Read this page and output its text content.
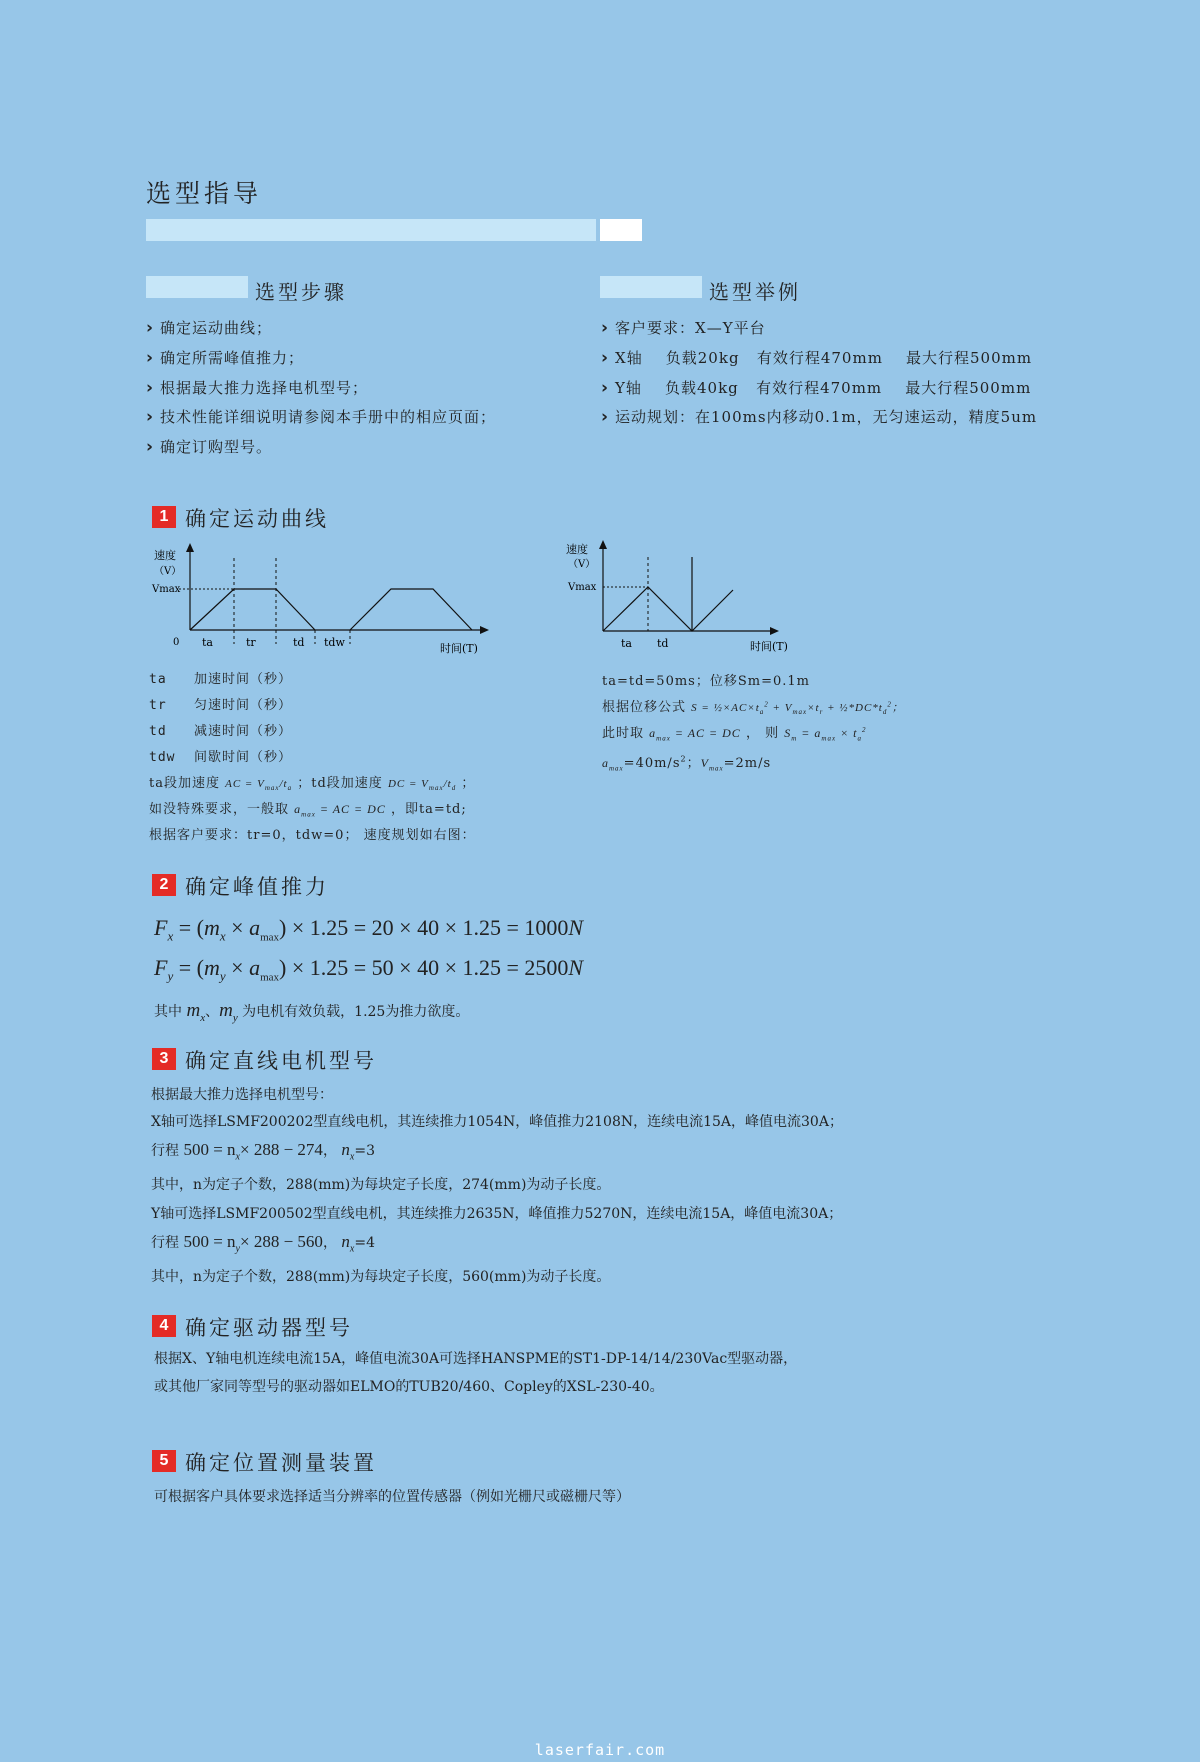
选型指导
选型步骤
› 确定运动曲线；
› 确定所需峰值推力；
› 根据最大推力选择电机型号；
› 技术性能详细说明请参阅本手册中的相应页面；
› 确定订购型号。
选型举例
› 客户要求：X—Y平台
› X轴    负载20kg   有效行程470mm    最大行程500mm
› Y轴    负载40kg   有效行程470mm    最大行程500mm
› 运动规划：在100ms内移动0.1m，无匀速运动，精度5um
1 确定运动曲线
速度
（V）
Vmax
0 ta	tr	td tdw	时间(T)
速度
（V）
Vmax
ta td	时间(T)
ta 加速时间（秒）
tr 匀速时间（秒）
td 减速时间（秒）
tdw 间歇时间（秒）
ta段加速度 AC = $V_{max}/t_a$ ；td段加速度 DC = $V_{max}/t_d$ ；
如没特殊要求，一般取 $a_{max}$ = AC = DC ，即ta=td;
根据客户要求：tr=0，tdw=0； 速度规划如右图：
ta=td=50ms；位移Sm=0.1m
根据位移公式 $S = \frac{1}{2}\times AC\times t_a^2 + V_{max}\times t_r$ + $\frac{1}{2}*DC*t_d^2$；
此时取 $a_{max}$ = AC = DC ， 则 $S_m = a_{max} \times t_a^2$
$a_{max}=40m/s^2$；$V_{max}=2m/s$
2 确定峰值推力
$F_x = (m_x \times a_{max}) \times 1.25 = 20 \times 40 \times 1.25 = 1000N$
$F_y = (m_y \times a_{max}) \times 1.25 = 50 \times 40 \times 1.25 = 2500N$
其中 $m_x$、$m_y$ 为电机有效负载，1.25为推力欲度。
3 确定直线电机型号
根据最大推力选择电机型号：
X轴可选择LSMF200202型直线电机，其连续推力1054N，峰值推力2108N，连续电流15A，峰值电流30A；
行程 $500 = n_x\times 288 - 274$， $n_x=3$
其中，n为定子个数，288(mm)为每块定子长度，274(mm)为动子长度。
Y轴可选择LSMF200502型直线电机，其连续推力2635N，峰值推力5270N，连续电流15A，峰值电流30A；
行程 $500 = n_y\times 288 - 560$， $n_x=4$
其中，n为定子个数，288(mm)为每块定子长度，560(mm)为动子长度。
4 确定驱动器型号
根据X、Y轴电机连续电流15A，峰值电流30A可选择HANSPME的ST1-DP-14/14/230Vac型驱动器，
或其他厂家同等型号的驱动器如ELMO的TUB20/460、Copley的XSL-230-40。
5 确定位置测量装置
可根据客户具体要求选择适当分辨率的位置传感器（例如光栅尺或磁栅尺等）
laserfair.com
